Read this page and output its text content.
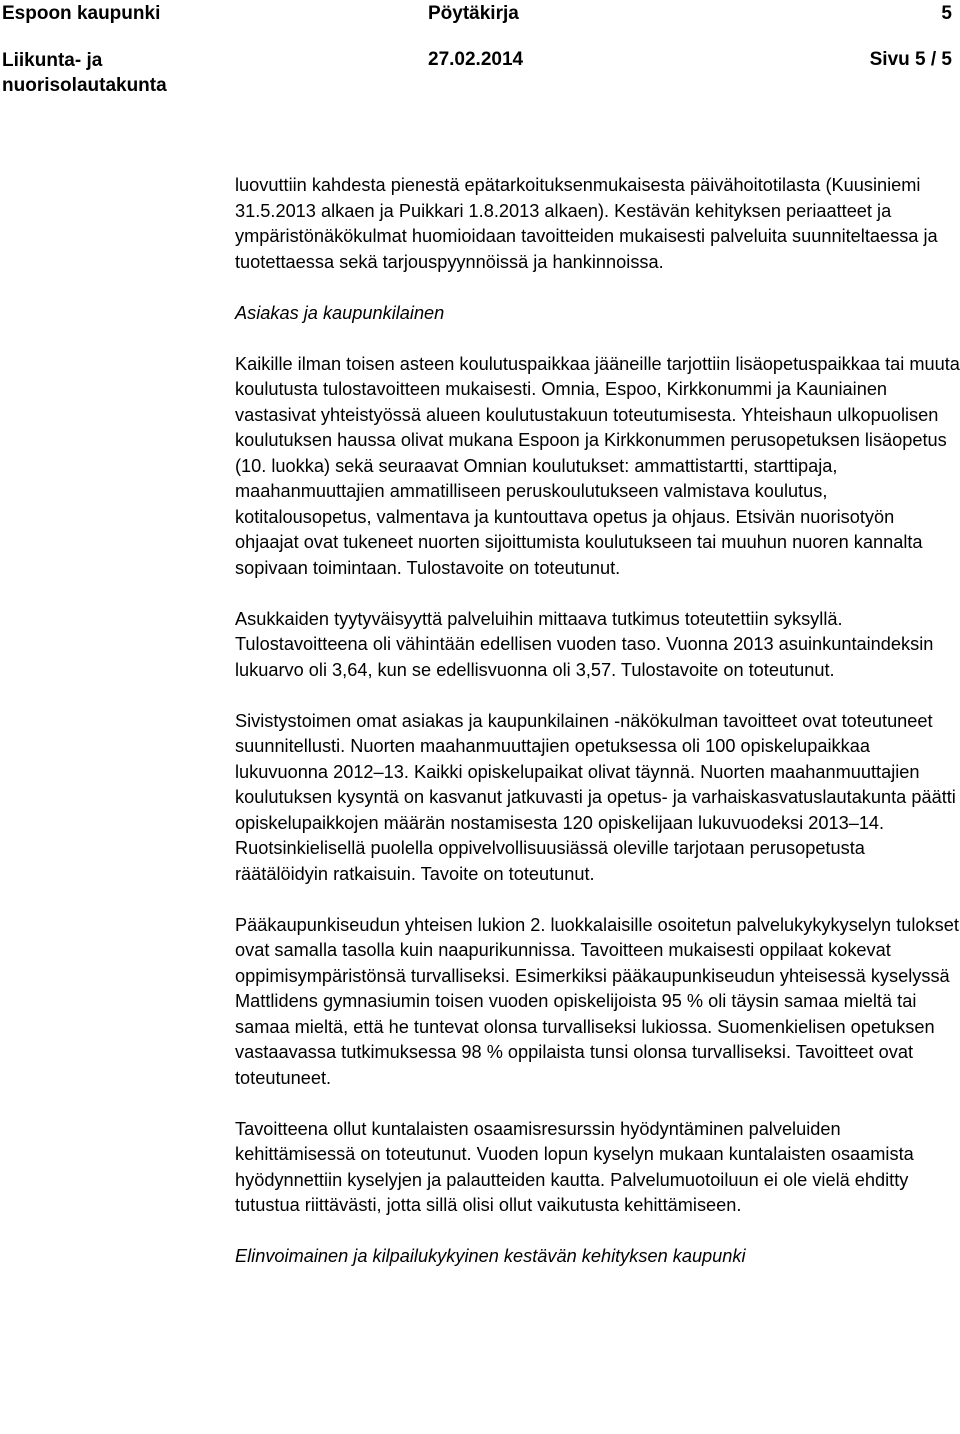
Espoon kaupunki
Liikunta- ja nuorisolautakunta
Pöytäkirja
27.02.2014
5
Sivu 5 / 5

luovuttiin kahdesta pienestä epätarkoituksenmukaisesta päivähoitotilasta (Kuusiniemi 31.5.2013 alkaen ja Puikkari 1.8.2013 alkaen). Kestävän kehityksen periaatteet ja ympäristönäkökulmat huomioidaan tavoitteiden mukaisesti palveluita suunniteltaessa ja tuotettaessa sekä tarjouspyynnöissä ja hankinnoissa.

Asiakas ja kaupunkilainen

Kaikille ilman toisen asteen koulutuspaikkaa jääneille tarjottiin lisäopetuspaikkaa tai muuta koulutusta tulostavoitteen mukaisesti. Omnia, Espoo, Kirkkonummi ja Kauniainen vastasivat yhteistyössä alueen koulutustakuun toteutumisesta. Yhteishaun ulkopuolisen koulutuksen haussa olivat mukana Espoon ja Kirkkonummen perusopetuksen lisäopetus (10. luokka) sekä seuraavat Omnian koulutukset: ammattistartti, starttipaja, maahanmuuttajien ammatilliseen peruskoulutukseen valmistava koulutus, kotitalousopetus, valmentava ja kuntouttava opetus ja ohjaus. Etsivän nuorisotyön ohjaajat ovat tukeneet nuorten sijoittumista koulutukseen tai muuhun nuoren kannalta sopivaan toimintaan. Tulostavoite on toteutunut.

Asukkaiden tyytyväisyyttä palveluihin mittaava tutkimus toteutettiin syksyllä. Tulostavoitteena oli vähintään edellisen vuoden taso. Vuonna 2013 asuinkuntaindeksin lukuarvo oli 3,64, kun se edellisvuonna oli 3,57. Tulostavoite on toteutunut.

Sivistystoimen omat asiakas ja kaupunkilainen -näkökulman tavoitteet ovat toteutuneet suunnitellusti. Nuorten maahanmuuttajien opetuksessa oli 100 opiskelupaikkaa lukuvuonna 2012–13. Kaikki opiskelupaikat olivat täynnä. Nuorten maahanmuuttajien koulutuksen kysyntä on kasvanut jatkuvasti ja opetus- ja varhaiskasvatuslautakunta päätti opiskelupaikkojen määrän nostamisesta 120 opiskelijaan lukuvuodeksi 2013–14. Ruotsinkielisellä puolella oppivelvollisuusiässä oleville tarjotaan perusopetusta räätälöidyin ratkaisuin. Tavoite on toteutunut.

Pääkaupunkiseudun yhteisen lukion 2. luokkalaisille osoitetun palvelukykykyselyn tulokset ovat samalla tasolla kuin naapurikunnissa. Tavoitteen mukaisesti oppilaat kokevat oppimisympäristönsä turvalliseksi. Esimerkiksi pääkaupunkiseudun yhteisessä kyselyssä Mattlidens gymnasiumin toisen vuoden opiskelijoista 95 % oli täysin samaa mieltä tai samaa mieltä, että he tuntevat olonsa turvalliseksi lukiossa. Suomenkielisen opetuksen vastaavassa tutkimuksessa 98 % oppilaista tunsi olonsa turvalliseksi. Tavoitteet ovat toteutuneet.

Tavoitteena ollut kuntalaisten osaamisresurssin hyödyntäminen palveluiden kehittämisessä on toteutunut. Vuoden lopun kyselyn mukaan kuntalaisten osaamista hyödynnettiin kyselyjen ja palautteiden kautta. Palvelumuotoiluun ei ole vielä ehditty tutustua riittävästi, jotta sillä olisi ollut vaikutusta kehittämiseen.

Elinvoimainen ja kilpailukykyinen kestävän kehityksen kaupunki
